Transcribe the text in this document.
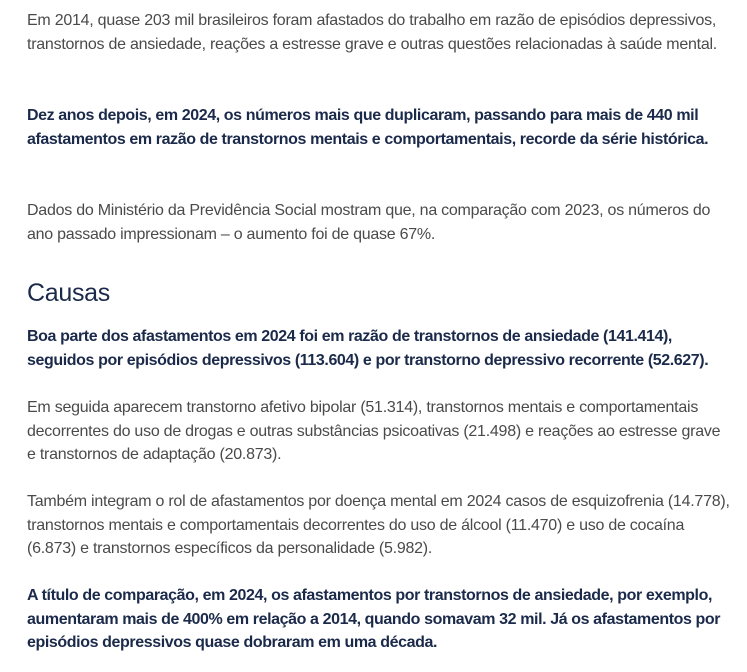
Em 2014, quase 203 mil brasileiros foram afastados do trabalho em razão de episódios depressivos, transtornos de ansiedade, reações a estresse grave e outras questões relacionadas à saúde mental.

Dez anos depois, em 2024, os números mais que duplicaram, passando para mais de 440 mil afastamentos em razão de transtornos mentais e comportamentais, recorde da série histórica.

Dados do Ministério da Previdência Social mostram que, na comparação com 2023, os números do ano passado impressionam – o aumento foi de quase 67%.

Causas

Boa parte dos afastamentos em 2024 foi em razão de transtornos de ansiedade (141.414), seguidos por episódios depressivos (113.604) e por transtorno depressivo recorrente (52.627).

Em seguida aparecem transtorno afetivo bipolar (51.314), transtornos mentais e comportamentais decorrentes do uso de drogas e outras substâncias psicoativas (21.498) e reações ao estresse grave e transtornos de adaptação (20.873).

Também integram o rol de afastamentos por doença mental em 2024 casos de esquizofrenia (14.778), transtornos mentais e comportamentais decorrentes do uso de álcool (11.470) e uso de cocaína (6.873) e transtornos específicos da personalidade (5.982).

A título de comparação, em 2024, os afastamentos por transtornos de ansiedade, por exemplo, aumentaram mais de 400% em relação a 2014, quando somavam 32 mil. Já os afastamentos por episódios depressivos quase dobraram em uma década.
